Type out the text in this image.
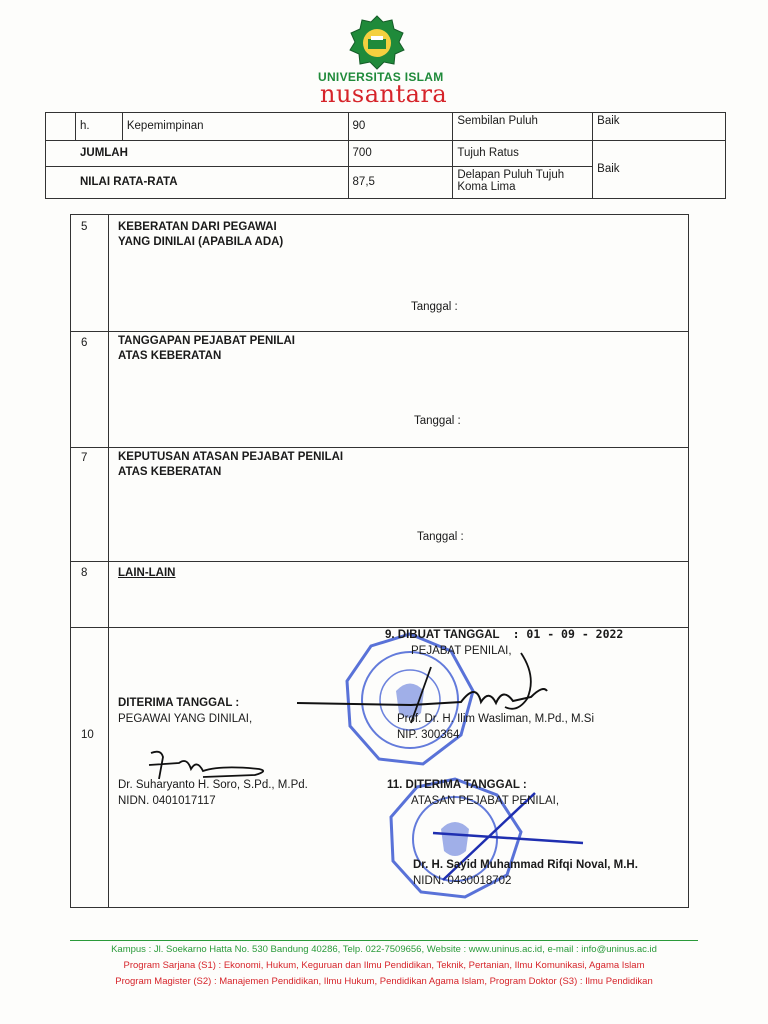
UNIVERSITAS ISLAM
nusantara
	h.	Kepemimpinan	90	Sembilan Puluh	Baik
JUMLAH			700	Tujuh Ratus	Baik
NILAI RATA-RATA			87,5	Delapan Puluh Tujuh Koma Lima	
5	KEBERATAN DARI PEGAWAI
YANG DINILAI (APABILA ADA)
Tanggal :
6	TANGGAPAN PEJABAT PENILAI
ATAS KEBERATAN
Tanggal :
7	KEPUTUSAN ATASAN PEJABAT PENILAI
ATAS KEBERATAN
Tanggal :
8	LAIN-LAIN
10
9. DIBUAT TANGGAL : 01 - 09 - 2022
PEJABAT PENILAI,
Prof. Dr. H. Ilim Wasliman, M.Pd., M.Si
NIP. 300364
DITERIMA TANGGAL :
PEGAWAI YANG DINILAI,
Dr. Suharyanto H. Soro, S.Pd., M.Pd.
NIDN. 0401017117
11. DITERIMA TANGGAL :
ATASAN PEJABAT PENILAI,
Dr. H. Sayid Muhammad Rifqi Noval, M.H.
NIDN. 0430018702
Kampus : Jl. Soekarno Hatta No. 530 Bandung 40286, Telp. 022-7509656, Website : www.uninus.ac.id, e-mail : info@uninus.ac.id
Program Sarjana (S1) : Ekonomi, Hukum, Keguruan dan Ilmu Pendidikan, Teknik, Pertanian, Ilmu Komunikasi, Agama Islam
Program Magister (S2) : Manajemen Pendidikan, Ilmu Hukum, Pendidikan Agama Islam, Program Doktor (S3) : Ilmu Pendidikan
